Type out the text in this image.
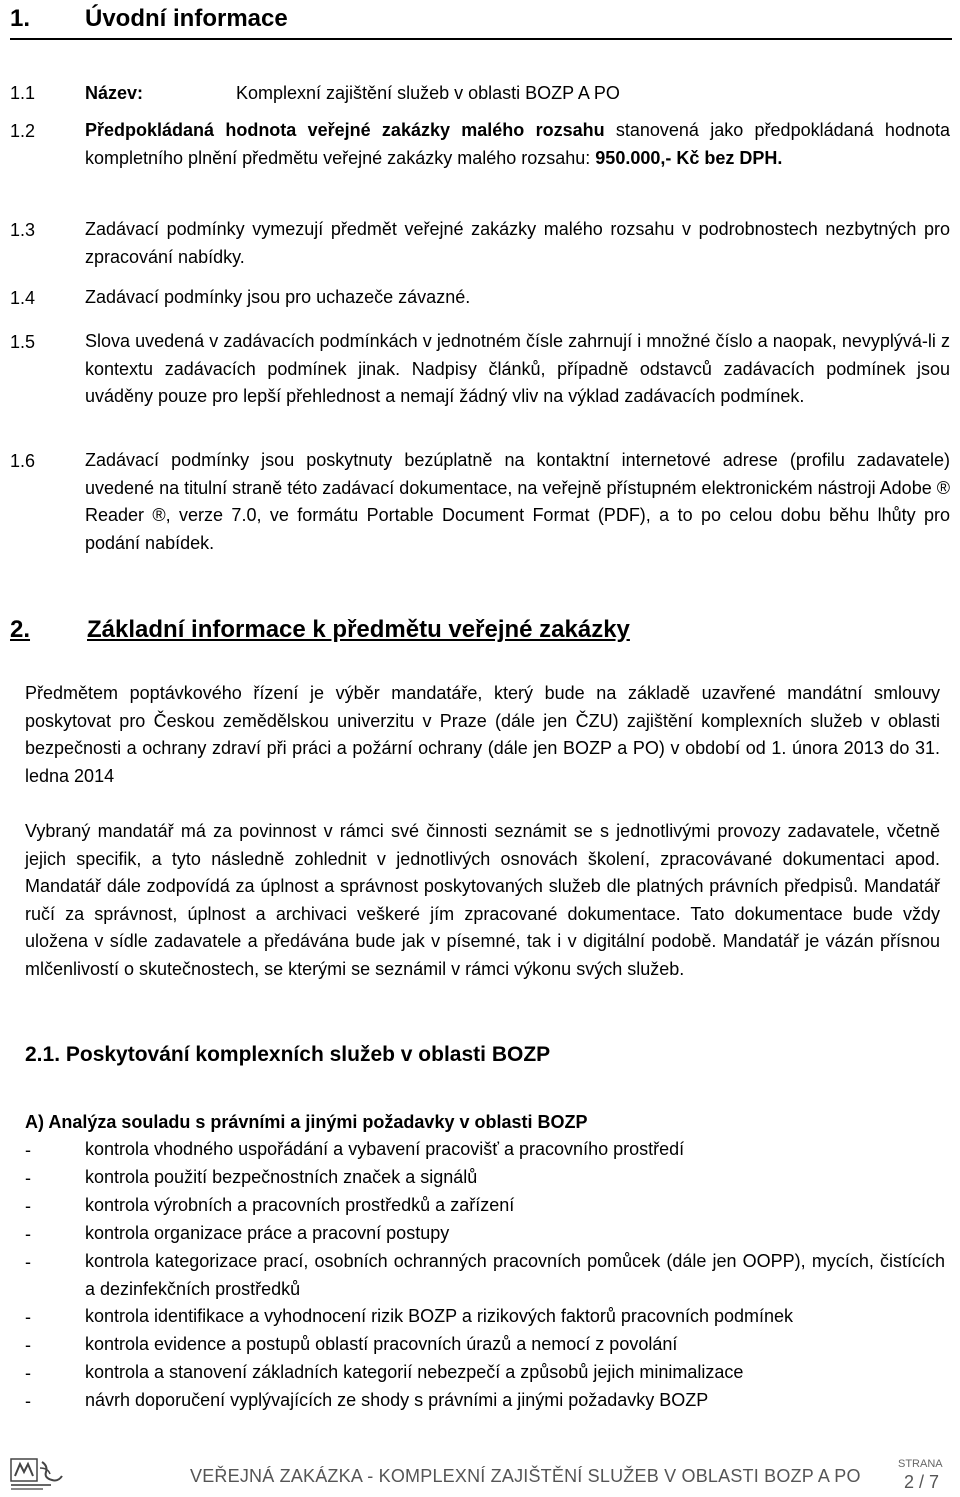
1. Úvodní informace
1.1	Název:	Komplexní zajištění služeb v oblasti BOZP A PO
1.2	Předpokládaná hodnota veřejné zakázky malého rozsahu stanovená jako předpokládaná hodnota kompletního plnění předmětu veřejné zakázky malého rozsahu: 950.000,- Kč bez DPH.
1.3	Zadávací podmínky vymezují předmět veřejné zakázky malého rozsahu v podrobnostech nezbytných pro zpracování nabídky.
1.4	Zadávací podmínky jsou pro uchazeče závazné.
1.5	Slova uvedená v zadávacích podmínkách v jednotném čísle zahrnují i množné číslo a naopak, nevyplývá-li z kontextu zadávacích podmínek jinak. Nadpisy článků, případně odstavců zadávacích podmínek jsou uváděny pouze pro lepší přehlednost a nemají žádný vliv na výklad zadávacích podmínek.
1.6	Zadávací podmínky jsou poskytnuty bezúplatně na kontaktní internetové adrese (profilu zadavatele) uvedené na titulní straně této zadávací dokumentace, na veřejně přístupném elektronickém nástroji Adobe ® Reader ®, verze 7.0, ve formátu Portable Document Format (PDF), a to po celou dobu běhu lhůty pro podání nabídek.
2. Základní informace k předmětu veřejné zakázky
Předmětem poptávkového řízení je výběr mandatáře, který bude na základě uzavřené mandátní smlouvy poskytovat pro Českou zemědělskou univerzitu v Praze (dále jen ČZU) zajištění komplexních služeb v oblasti bezpečnosti a ochrany zdraví při práci a požární ochrany (dále jen BOZP a PO) v období od 1. února 2013 do 31. ledna 2014
Vybraný mandatář má za povinnost v rámci své činnosti seznámit se s jednotlivými provozy zadavatele, včetně jejich specifik, a tyto následně zohlednit v jednotlivých osnovách školení, zpracovávané dokumentaci apod. Mandatář dále zodpovídá za úplnost a správnost poskytovaných služeb dle platných právních předpisů. Mandatář ručí za správnost, úplnost a archivaci veškeré jím zpracované dokumentace. Tato dokumentace bude vždy uložena v sídle zadavatele a předávána bude jak v písemné, tak i v digitální podobě. Mandatář je vázán přísnou mlčenlivostí o skutečnostech, se kterými se seznámil v rámci výkonu svých služeb.
2.1. Poskytování komplexních služeb v oblasti BOZP
A) Analýza souladu s právními a jinými požadavky v oblasti BOZP
-	kontrola vhodného uspořádání a vybavení pracovišť a pracovního prostředí
-	kontrola použití bezpečnostních značek a signálů
-	kontrola výrobních a pracovních prostředků a zařízení
-	kontrola organizace práce a pracovní postupy
-	kontrola kategorizace prací, osobních ochranných pracovních pomůcek (dále jen OOPP), mycích, čistících a dezinfekčních prostředků
-	kontrola identifikace a vyhodnocení rizik BOZP a rizikových faktorů pracovních podmínek
-	kontrola evidence a postupů oblastí pracovních úrazů a nemocí z povolání
-	kontrola a stanovení základních kategorií nebezpečí a způsobů jejich minimalizace
-	návrh doporučení vyplývajících ze shody s právními a jinými požadavky BOZP
VEŘEJNÁ ZAKÁZKA - KOMPLEXNÍ ZAJIŠTĚNÍ SLUŽEB V OBLASTI BOZP A PO
STRANA
2 / 7
